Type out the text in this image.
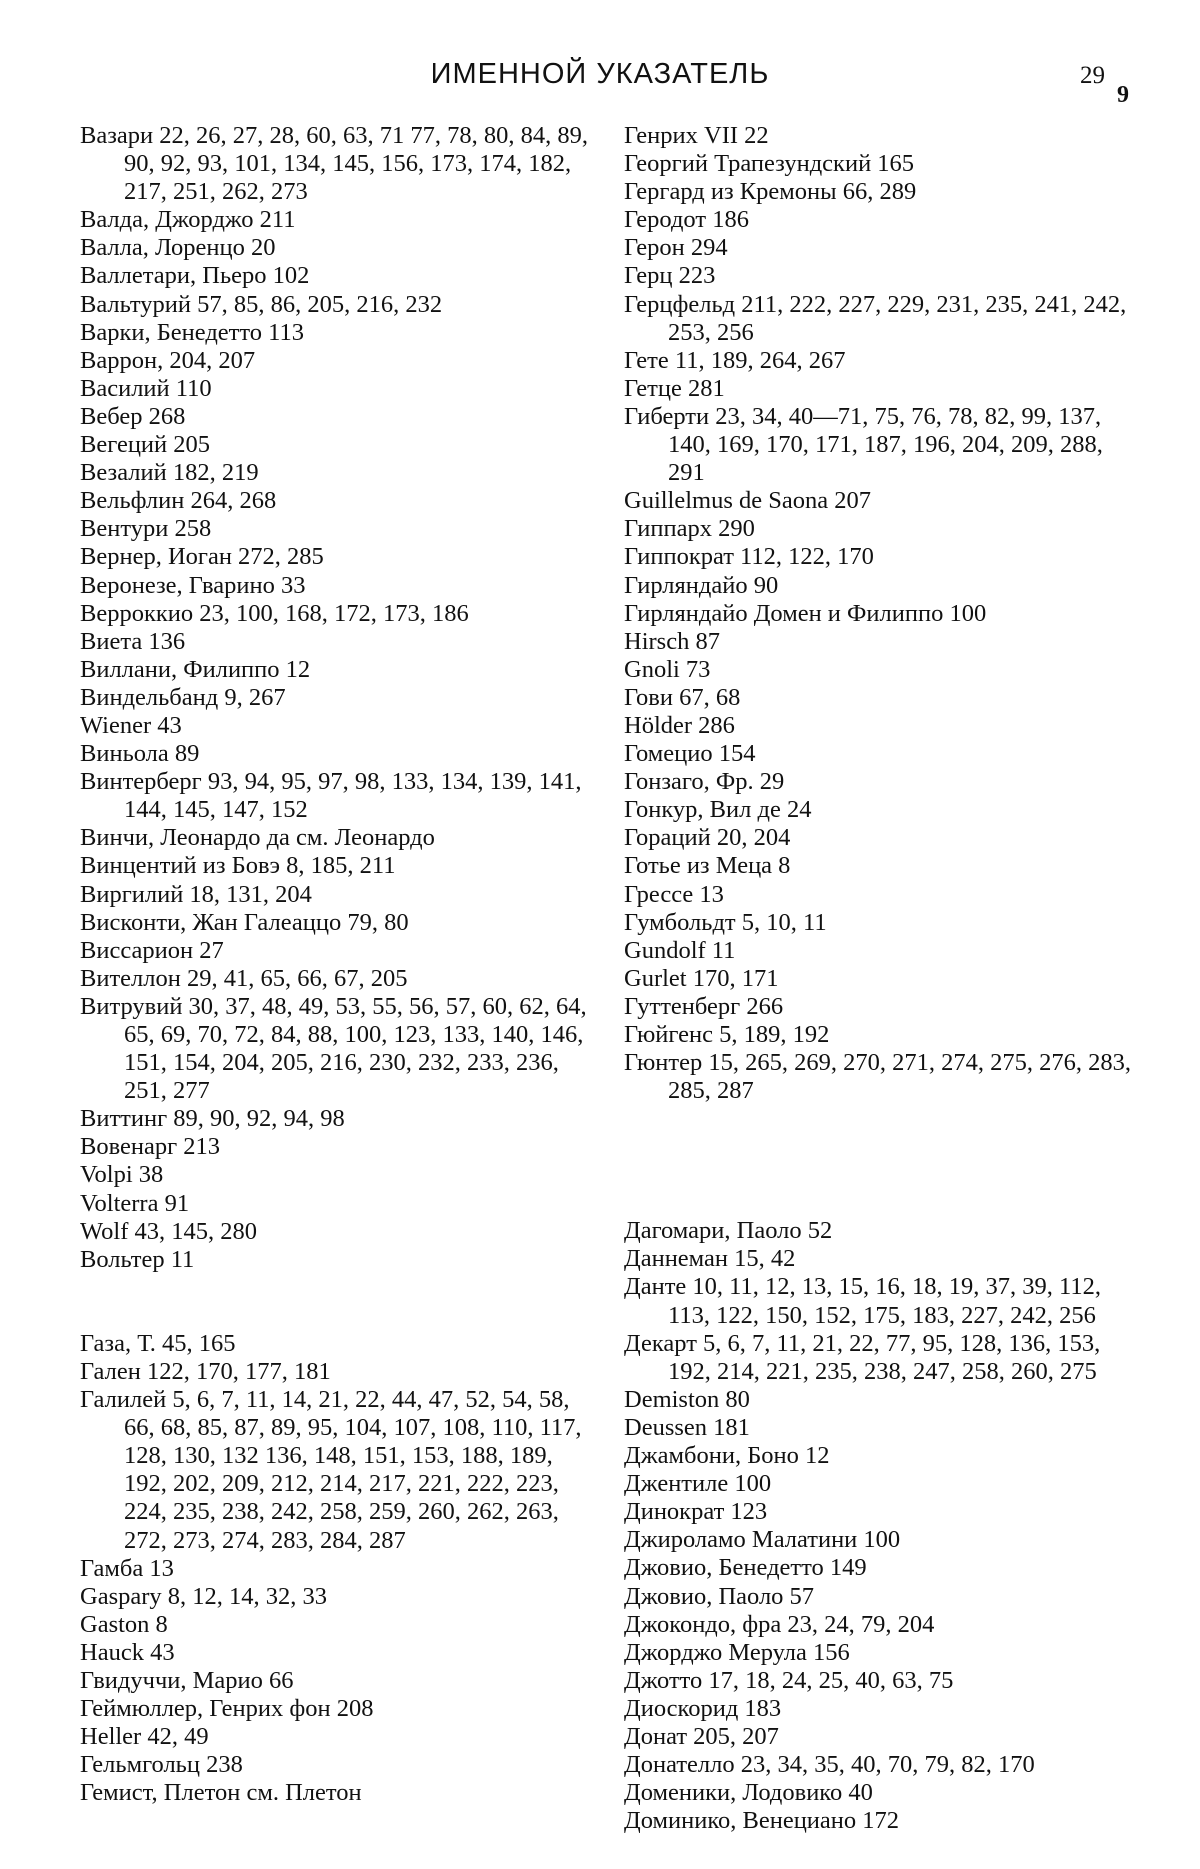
ИМЕННОЙ УКАЗАТЕЛЬ	29
9
Вазари 22, 26, 27, 28, 60, 63, 71 77, 78, 80, 84, 89, 90, 92, 93, 101, 134, 145, 156, 173, 174, 182, 217, 251, 262, 273
Валда, Джорджо 211
Валла, Лоренцо 20
Валлетари, Пьеро 102
Вальтурий 57, 85, 86, 205, 216, 232
Варки, Бенедетто 113
Варрон, 204, 207
Василий 110
Вебер 268
Вегеций 205
Везалий 182, 219
Вельфлин 264, 268
Вентури 258
Вернер, Иоган 272, 285
Веронезе, Гварино 33
Верроккио 23, 100, 168, 172, 173, 186
Виета 136
Виллани, Филиппо 12
Виндельбанд 9, 267
Wiener 43
Виньола 89
Винтерберг 93, 94, 95, 97, 98, 133, 134, 139, 141, 144, 145, 147, 152
Винчи, Леонардо да см. Леонардо
Винцентий из Бовэ 8, 185, 211
Виргилий 18, 131, 204
Висконти, Жан Галеаццо 79, 80
Виссарион 27
Вителлон 29, 41, 65, 66, 67, 205
Витрувий 30, 37, 48, 49, 53, 55, 56, 57, 60, 62, 64, 65, 69, 70, 72, 84, 88, 100, 123, 133, 140, 146, 151, 154, 204, 205, 216, 230, 232, 233, 236, 251, 277
Виттинг 89, 90, 92, 94, 98
Вовенарг 213
Volpi 38
Volterra 91
Wolf 43, 145, 280
Вольтер 11
Газа, Т. 45, 165
Гален 122, 170, 177, 181
Галилей 5, 6, 7, 11, 14, 21, 22, 44, 47, 52, 54, 58, 66, 68, 85, 87, 89, 95, 104, 107, 108, 110, 117, 128, 130, 132 136, 148, 151, 153, 188, 189, 192, 202, 209, 212, 214, 217, 221, 222, 223, 224, 235, 238, 242, 258, 259, 260, 262, 263, 272, 273, 274, 283, 284, 287
Гамба 13
Gaspary 8, 12, 14, 32, 33
Gaston 8
Hauck 43
Гвидуччи, Марио 66
Геймюллер, Генрих фон 208
Heller 42, 49
Гельмгольц 238
Гемист, Плетон см. Плетон
Генрих VII 22
Георгий Трапезундский 165
Гергард из Кремоны 66, 289
Геродот 186
Герон 294
Герц 223
Герцфельд 211, 222, 227, 229, 231, 235, 241, 242, 253, 256
Гете 11, 189, 264, 267
Гетце 281
Гиберти 23, 34, 40—71, 75, 76, 78, 82, 99, 137, 140, 169, 170, 171, 187, 196, 204, 209, 288, 291
Guillelmus de Saona 207
Гиппарх 290
Гиппократ 112, 122, 170
Гирляндайо 90
Гирляндайо Домен и Филиппо 100
Hirsch 87
Gnoli 73
Гови 67, 68
Hölder 286
Гомецио 154
Гонзаго, Фр. 29
Гонкур, Вил де 24
Гораций 20, 204
Готье из Меца 8
Грессе 13
Гумбольдт 5, 10, 11
Gundolf 11
Gurlet 170, 171
Гуттенберг 266
Гюйгенс 5, 189, 192
Гюнтер 15, 265, 269, 270, 271, 274, 275, 276, 283, 285, 287
Дагомари, Паоло 52
Даннеман 15, 42
Данте 10, 11, 12, 13, 15, 16, 18, 19, 37, 39, 112, 113, 122, 150, 152, 175, 183, 227, 242, 256
Декарт 5, 6, 7, 11, 21, 22, 77, 95, 128, 136, 153, 192, 214, 221, 235, 238, 247, 258, 260, 275
Demiston 80
Deussen 181
Джамбони, Боно 12
Джентиле 100
Динократ 123
Джироламо Малатини 100
Джовио, Бенедетто 149
Джовио, Паоло 57
Джокондо, фра 23, 24, 79, 204
Джорджо Мерула 156
Джотто 17, 18, 24, 25, 40, 63, 75
Диоскорид 183
Донат 205, 207
Донателло 23, 34, 35, 40, 70, 79, 82, 170
Доменики, Лодовико 40
Доминико, Венециано 172
